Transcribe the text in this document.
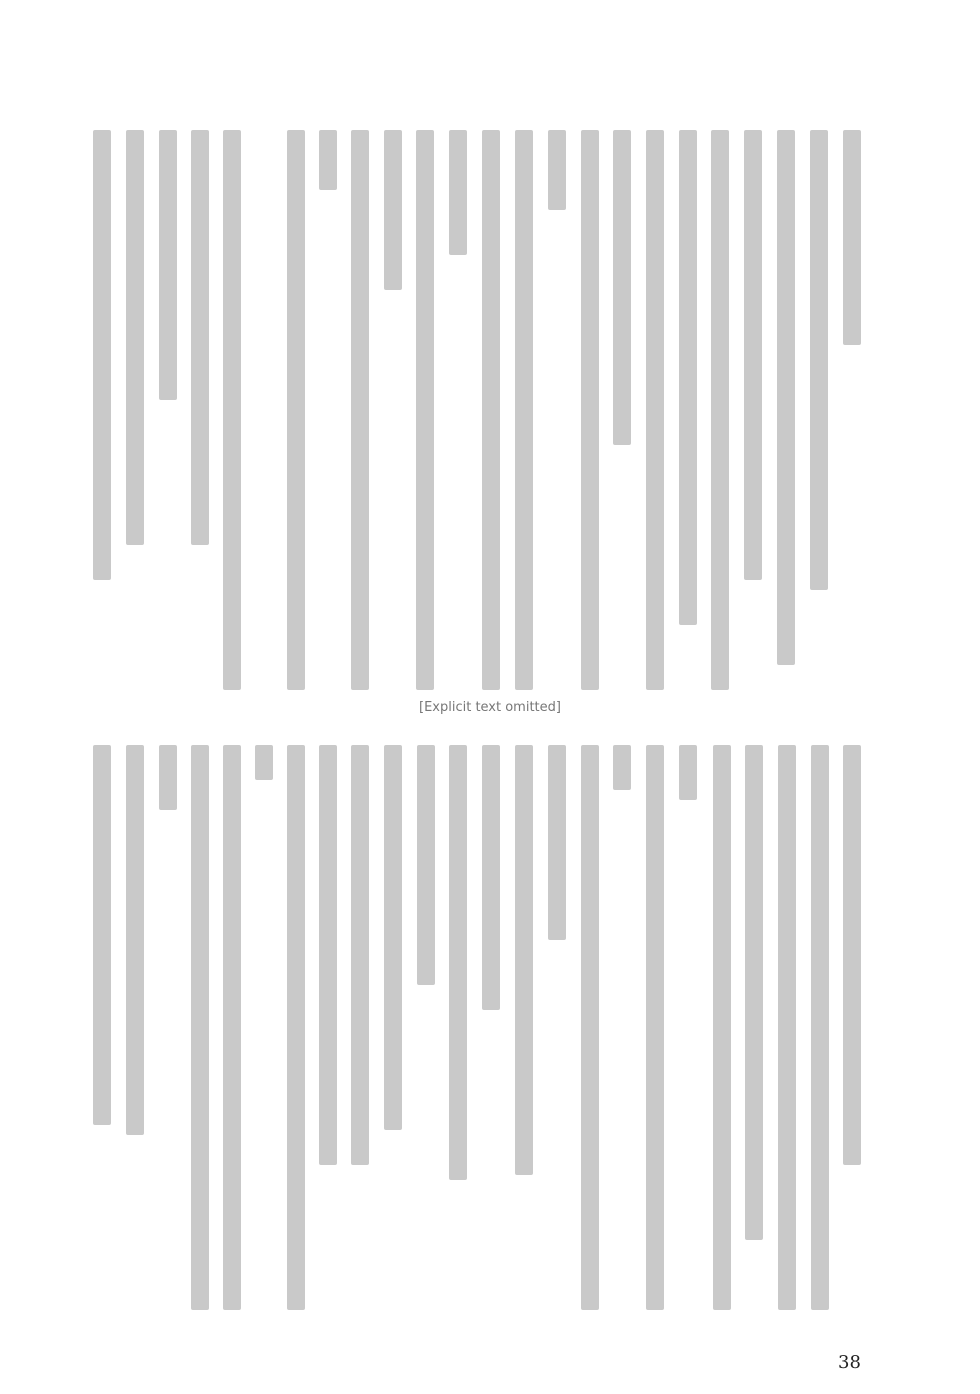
[Explicit text omitted]
38
